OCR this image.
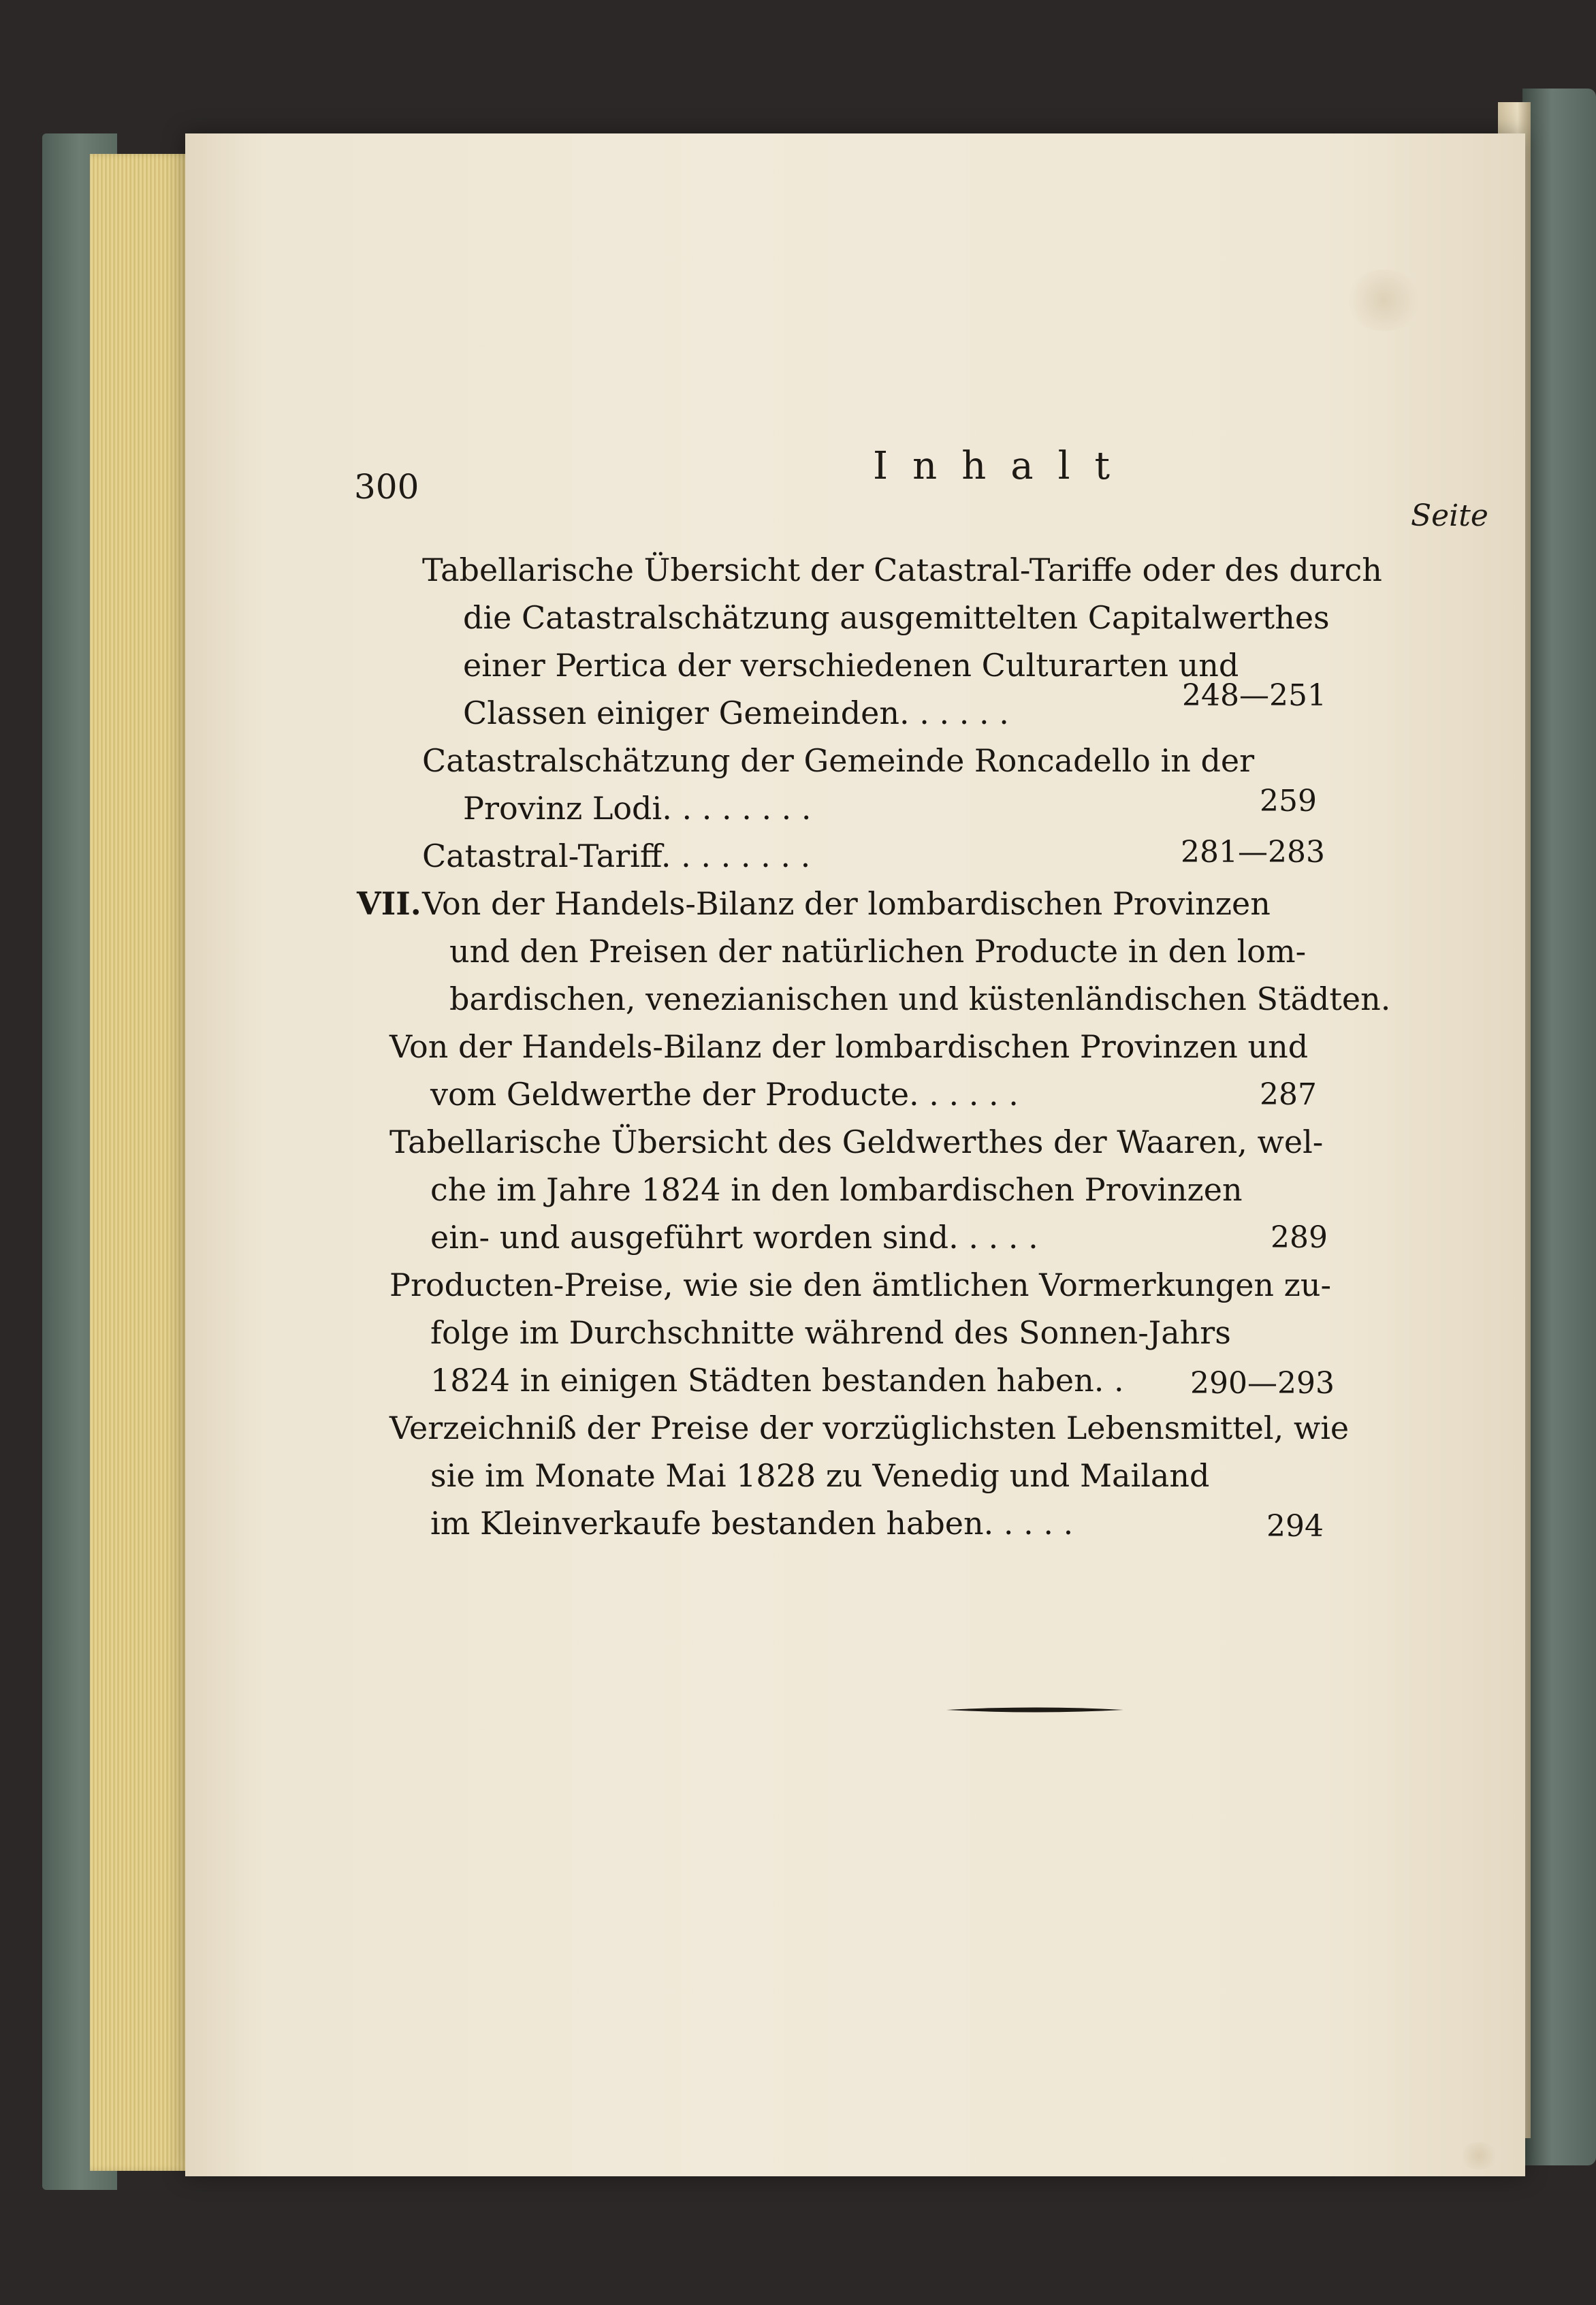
300	Inhalt
Seite
Tabellarische Übersicht der Catastral-Tariffe oder des durch
die Catastralschätzung ausgemittelten Capitalwerthes
einer Pertica der verschiedenen Culturarten und
Classen einiger Gemeinden. . . . . .	248—251
Catastralschätzung der Gemeinde Roncadello in der
Provinz Lodi. . . . . . . .	259
Catastral-Tariff. . . . . . . .	281—283
VII. Von der Handels-Bilanz der lombardischen Provinzen
und den Preisen der natürlichen Producte in den lom-
bardischen, venezianischen und küstenländischen Städten.
Von der Handels-Bilanz der lombardischen Provinzen und
vom Geldwerthe der Producte. . . . . .	287
Tabellarische Übersicht des Geldwerthes der Waaren, wel-
che im Jahre 1824 in den lombardischen Provinzen
ein- und ausgeführt worden sind. . . . .	289
Producten-Preise, wie sie den ämtlichen Vormerkungen zu-
folge im Durchschnitte während des Sonnen-Jahrs
1824 in einigen Städten bestanden haben. .	290—293
Verzeichniß der Preise der vorzüglichsten Lebensmittel, wie
sie im Monate Mai 1828 zu Venedig und Mailand
im Kleinverkaufe bestanden haben. . . . .	294
